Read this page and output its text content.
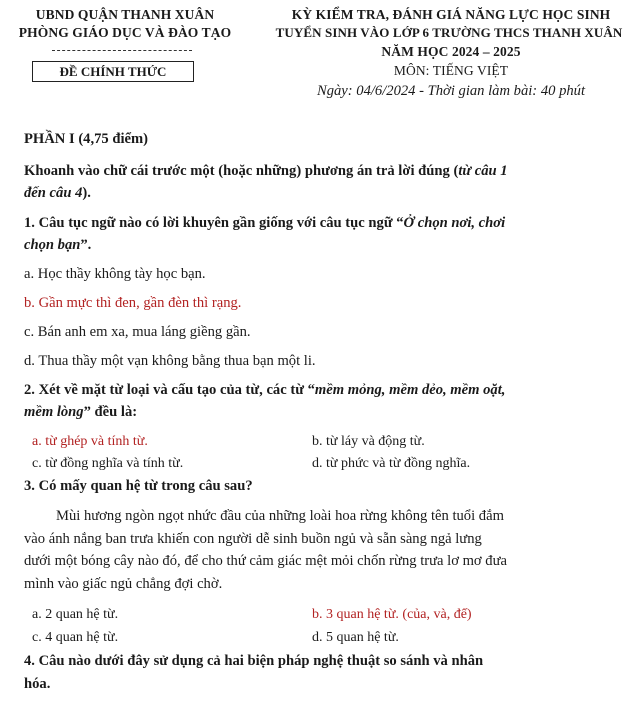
UBND QUẬN THANH XUÂN
PHÒNG GIÁO DỤC VÀ ĐÀO TẠO
ĐỀ CHÍNH THỨC
KỲ KIỂM TRA, ĐÁNH GIÁ NĂNG LỰC HỌC SINH
TUYỂN SINH VÀO LỚP 6 TRƯỜNG THCS THANH XUÂN
NĂM HỌC 2024 – 2025
MÔN: TIẾNG VIỆT
Ngày: 04/6/2024 - Thời gian làm bài: 40 phút
PHẦN I (4,75 điểm)
Khoanh vào chữ cái trước một (hoặc những) phương án trả lời đúng (từ câu 1
đến câu 4).
1. Câu tục ngữ nào có lời khuyên gần giống với câu tục ngữ “Ở chọn nơi, chơi
chọn bạn”.
a. Học thầy không tày học bạn.
b. Gần mực thì đen, gần đèn thì rạng.
c. Bán anh em xa, mua láng giềng gần.
d. Thua thầy một vạn không bằng thua bạn một li.
2. Xét về mặt từ loại và cấu tạo của từ, các từ “mềm mỏng, mềm dẻo, mềm oặt,
mềm lòng” đều là:
a. từ ghép và tính từ.	b. từ láy và động từ.
c. từ đồng nghĩa và tính từ.	d. từ phức và từ đồng nghĩa.
3. Có mấy quan hệ từ trong câu sau?
Mùi hương ngòn ngọt nhức đầu của những loài hoa rừng không tên tuổi đắm
vào ánh nắng ban trưa khiến con người dễ sinh buồn ngủ và sẵn sàng ngả lưng
dưới một bóng cây nào đó, để cho thứ cảm giác mệt mỏi chốn rừng trưa lơ mơ đưa
mình vào giấc ngủ chẳng đợi chờ.
a. 2 quan hệ từ.	b. 3 quan hệ từ. (của, và, để)
c. 4 quan hệ từ.	d. 5 quan hệ từ.
4. Câu nào dưới đây sử dụng cả hai biện pháp nghệ thuật so sánh và nhân
hóa.
